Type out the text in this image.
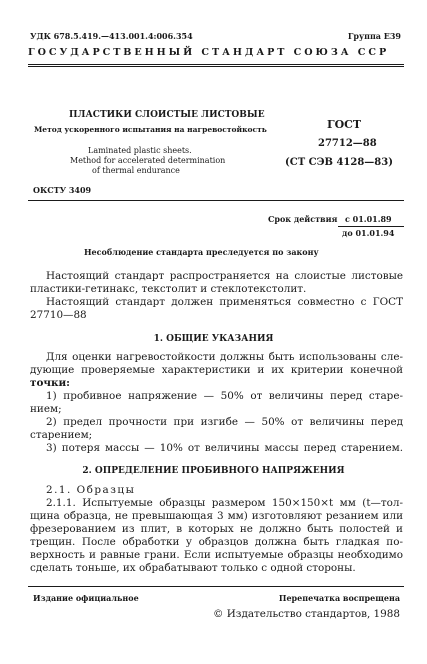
УДК 678.5.419.—413.001.4:006.354	Группа Е39
ГОСУДАРСТВЕННЫЙ СТАНДАРТ СОЮЗА ССР
ПЛАСТИКИ СЛОИСТЫЕ ЛИСТОВЫЕ
Метод ускоренного испытания на нагревостойкость
Laminated plastic sheets.
Method for accelerated determination
of thermal endurance
ГОСТ
27712—88
(СТ СЭВ 4128—83)
ОКСТУ 3409
Срок действия с 01.01.89
до 01.01.94
Несоблюдение стандарта преследуется по закону
Настоящий стандарт распространяется на слоистые листовые
пластики-гетинакс, текстолит и стеклотекстолит.
Настоящий стандарт должен применяться совместно с ГОСТ
27710—88
1. ОБЩИЕ УКАЗАНИЯ
Для оценки нагревостойкости должны быть использованы сле-
дующие проверяемые характеристики и их критерии конечной
точки:
1) пробивное напряжение — 50% от величины перед старе-
нием;
2) предел прочности при изгибе — 50% от величины перед
старением;
3) потеря массы — 10% от величины массы перед старением.
2. ОПРЕДЕЛЕНИЕ ПРОБИВНОГО НАПРЯЖЕНИЯ
2.1. Образцы
2.1.1. Испытуемые образцы размером 150×150×t мм (t—тол-
щина образца, не превышающая 3 мм) изготовляют резанием или
фрезерованием из плит, в которых не должно быть полостей и
трещин. После обработки у образцов должна быть гладкая по-
верхность и равные грани. Если испытуемые образцы необходимо
сделать тоньше, их обрабатывают только с одной стороны.
Издание официальное	Перепечатка воспрещена
© Издательство стандартов, 1988
